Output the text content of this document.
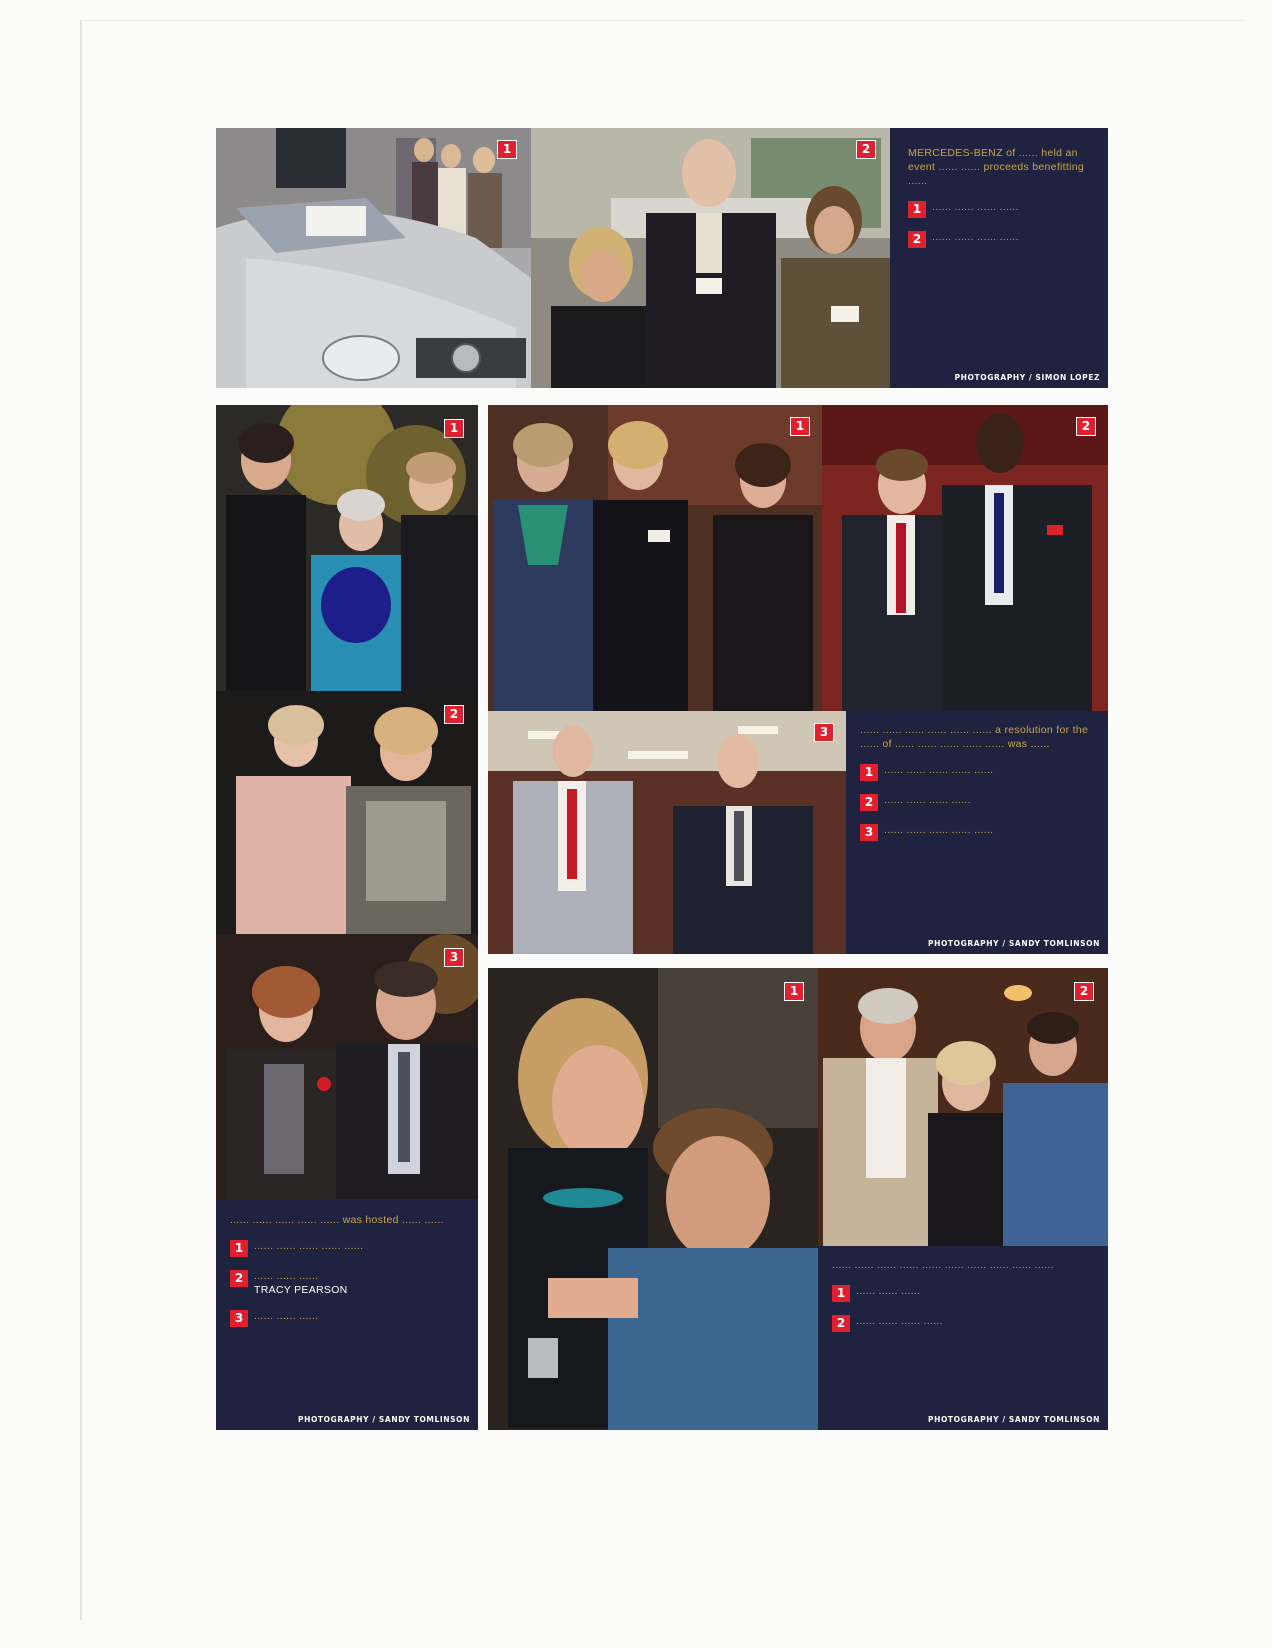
1	2	MERCEDES-BENZ of ...... held an event ...... ...... proceeds benefitting ......
1	...... ...... ...... ......
2	...... ...... ...... ......
PHOTOGRAPHY / SIMON LOPEZ
1
2
1	2
3	...... ...... ...... ...... ...... ...... a resolution for the ...... of ...... ...... ...... ...... ...... was ......
1	...... ...... ...... ...... ......
2	...... ...... ...... ......
3	...... ...... ...... ...... ......
PHOTOGRAPHY / SANDY TOMLINSON
3
...... ...... ...... ...... ...... was hosted ...... ......
1	...... ...... ...... ...... ......
2	...... ...... ......
TRACY PEARSON
3	...... ...... ......
PHOTOGRAPHY / SANDY TOMLINSON
1	2
...... ...... ...... ...... ...... ...... ...... ...... ...... ......
1	...... ...... ......
2	...... ...... ...... ......
PHOTOGRAPHY / SANDY TOMLINSON
